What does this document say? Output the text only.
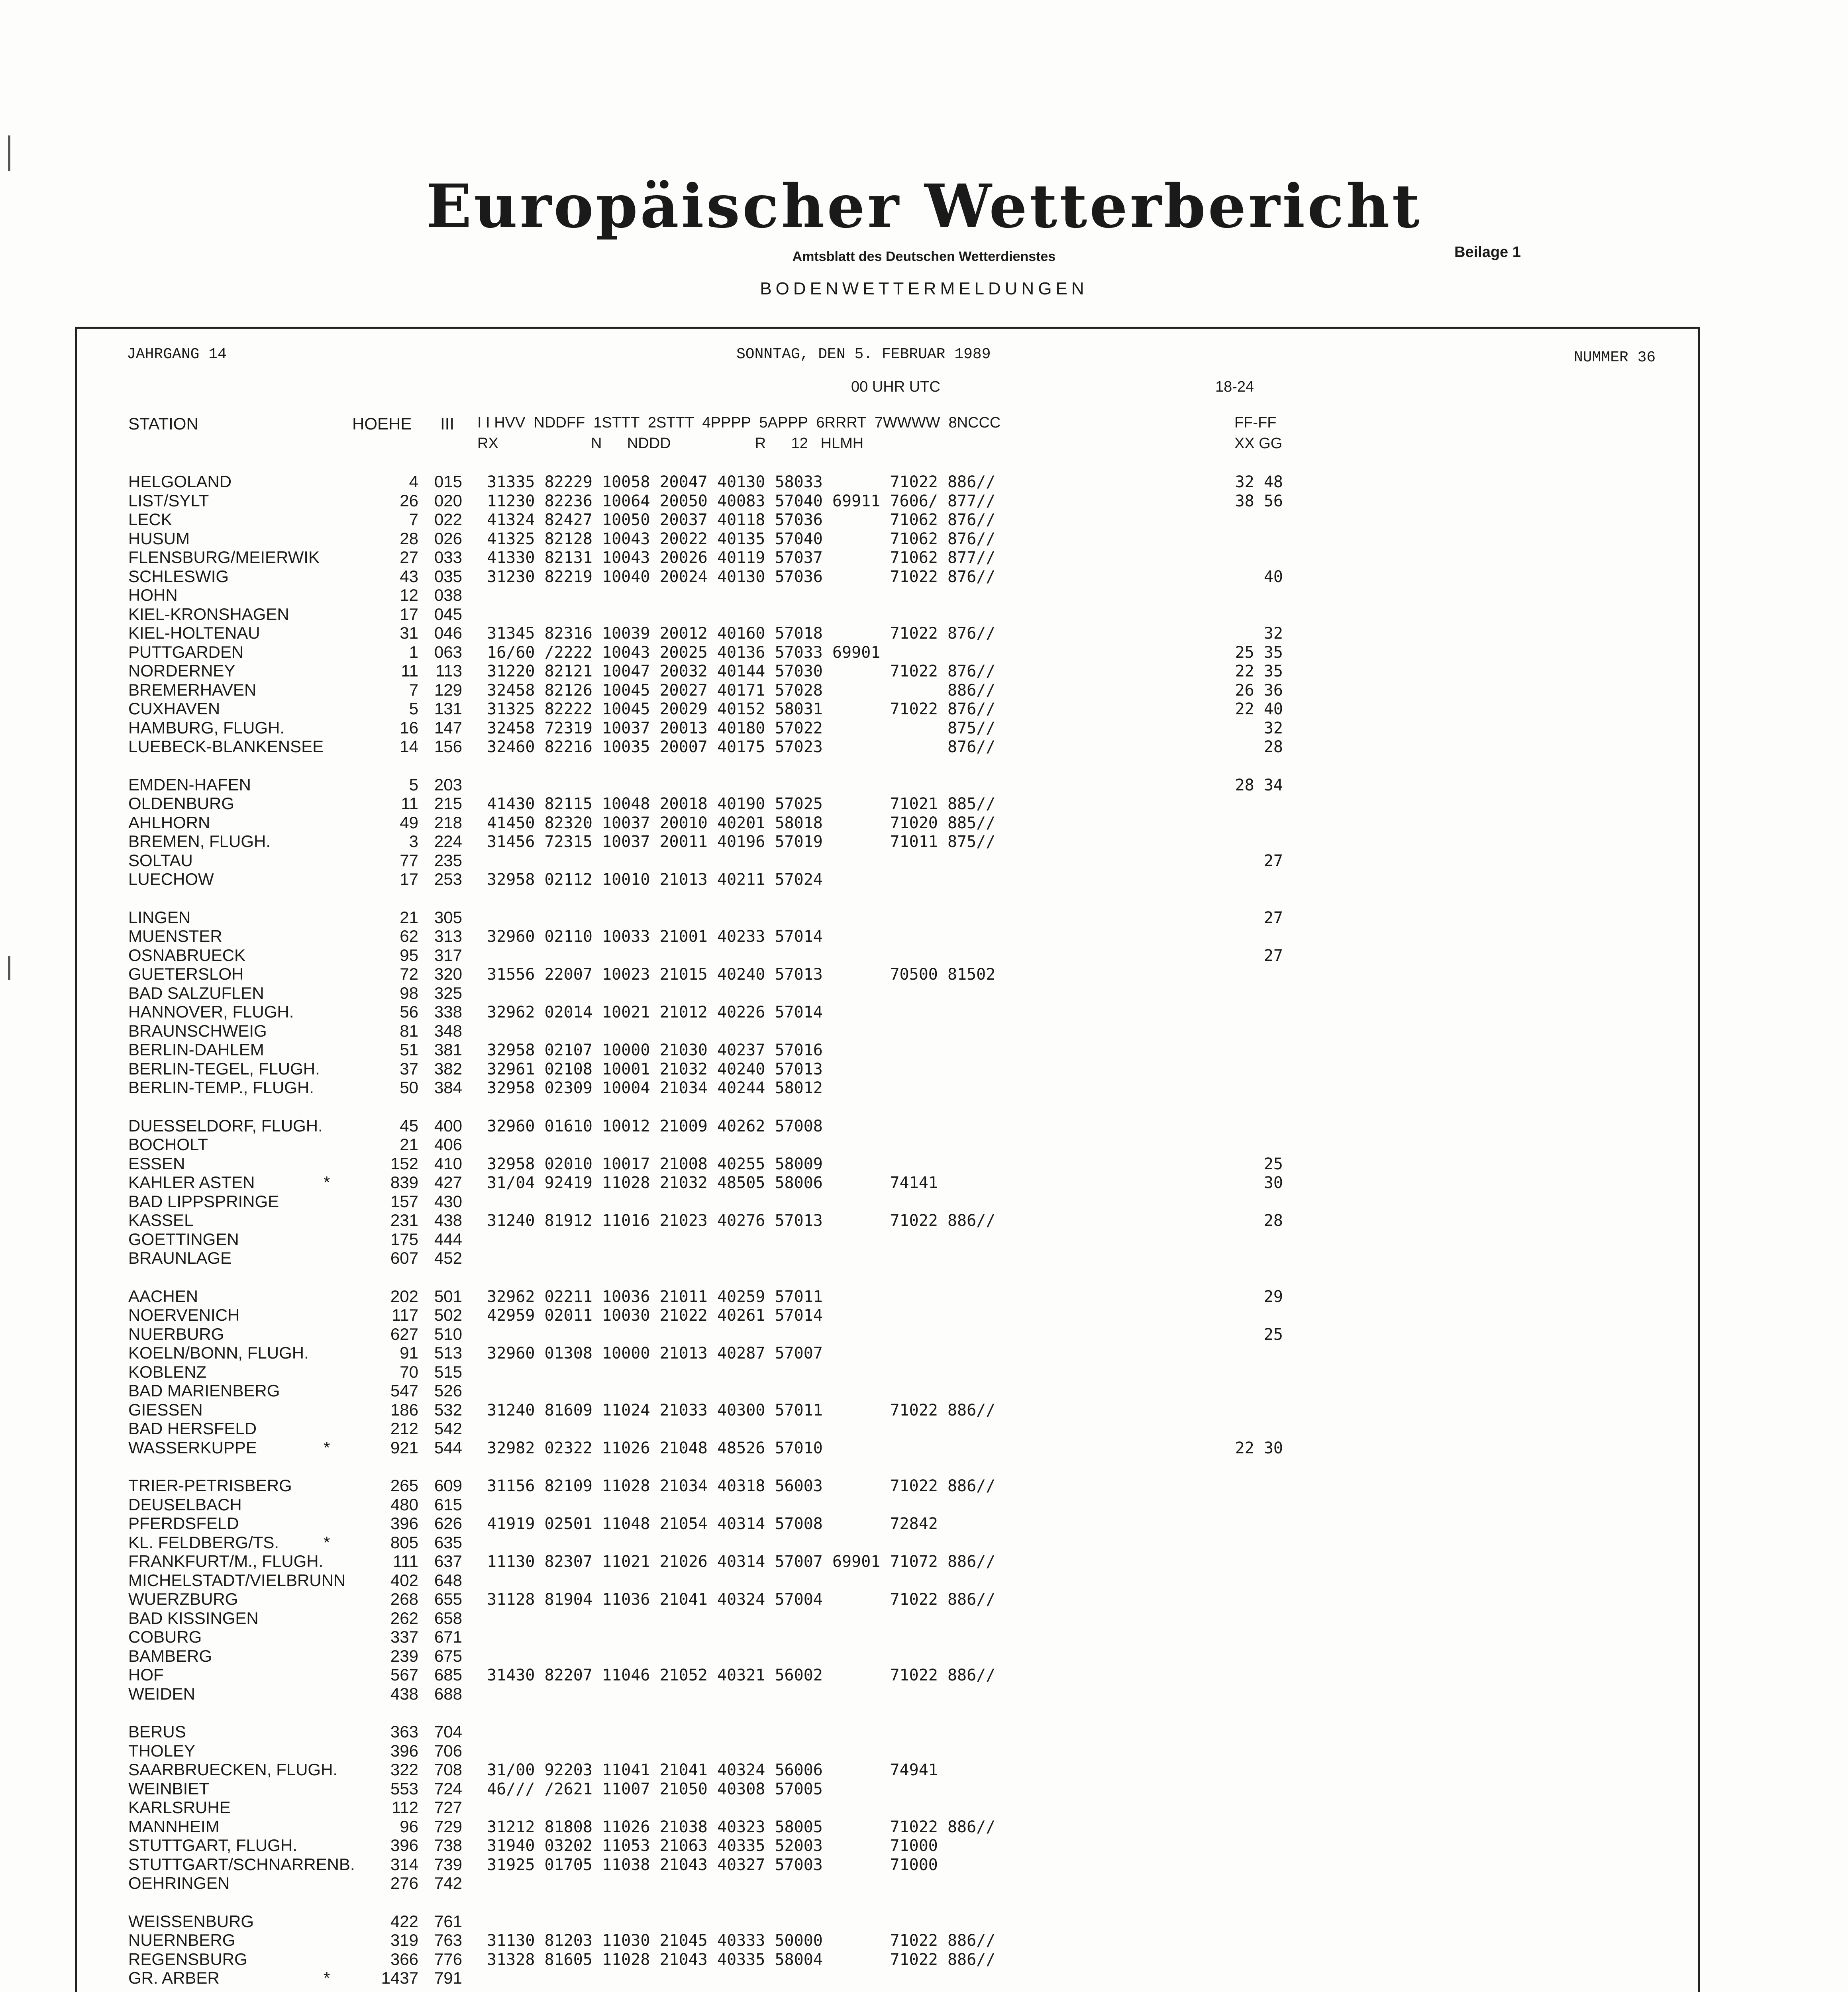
Europäischer Wetterbericht
Amtsblatt des Deutschen Wetterdienstes	Beilage 1
BODENWETTERMELDUNGEN
JAHRGANG 14	SONNTAG, DEN 5. FEBRUAR 1989	NUMMER 36
00 UHR UTC	18-24
STATION	HOEHE III I I HVV  NDDFF  1STTT  2STTT  4PPPP  5APPP  6RRRT  7WWWW  8NCCC
RX                      N      NDDD                    R      12   HLMH
FF-FF
XX GG
HELGOLAND	4 015 31335 82229 10058 20047 40130 58033       71022 886//	32 48
LIST/SYLT	26 020 11230 82236 10064 20050 40083 57040 69911 7606/ 877//	38 56
LECK	7 022 41324 82427 10050 20037 40118 57036       71062 876//
HUSUM	28 026 41325 82128 10043 20022 40135 57040       71062 876//
FLENSBURG/MEIERWIK	27 033 41330 82131 10043 20026 40119 57037       71062 877//
SCHLESWIG	43 035 31230 82219 10040 20024 40130 57036       71022 876//	40
HOHN	12 038
KIEL-KRONSHAGEN	17 045
KIEL-HOLTENAU	31 046 31345 82316 10039 20012 40160 57018       71022 876//	32
PUTTGARDEN	1 063 16/60 /2222 10043 20025 40136 57033 69901	25 35
NORDERNEY	11	113 31220 82121 10047 20032 40144 57030       71022 876//	22 35
BREMERHAVEN	7 129 32458 82126 10045 20027 40171 57028             886//	26 36
CUXHAVEN	5 131 31325 82222 10045 20029 40152 58031       71022 876//	22 40
HAMBURG, FLUGH.	16 147 32458 72319 10037 20013 40180 57022             875//	32
LUEBECK-BLANKENSEE	14 156 32460 82216 10035 20007 40175 57023             876//	28
EMDEN-HAFEN	5 203	28 34
OLDENBURG	11 215 41430 82115 10048 20018 40190 57025       71021 885//
AHLHORN	49 218 41450 82320 10037 20010 40201 58018       71020 885//
BREMEN, FLUGH.	3 224 31456 72315 10037 20011 40196 57019       71011 875//
SOLTAU	77 235	27
LUECHOW	17 253 32958 02112 10010 21013 40211 57024
LINGEN	21 305	27
MUENSTER	62 313 32960 02110 10033 21001 40233 57014
OSNABRUECK	95 317	27
GUETERSLOH	72 320 31556 22007 10023 21015 40240 57013       70500 81502
BAD SALZUFLEN	98 325
HANNOVER, FLUGH.	56 338 32962 02014 10021 21012 40226 57014
BRAUNSCHWEIG	81 348
BERLIN-DAHLEM	51 381 32958 02107 10000 21030 40237 57016
BERLIN-TEGEL, FLUGH.	37 382 32961 02108 10001 21032 40240 57013
BERLIN-TEMP., FLUGH.	50 384 32958 02309 10004 21034 40244 58012
DUESSELDORF, FLUGH.	45 400 32960 01610 10012 21009 40262 57008
BOCHOLT	21 406
ESSEN	152 410 32958 02010 10017 21008 40255 58009	25
KAHLER ASTEN	*	839 427 31/04 92419 11028 21032 48505 58006       74141	30
BAD LIPPSPRINGE	157 430
KASSEL	231 438 31240 81912 11016 21023 40276 57013       71022 886//	28
GOETTINGEN	175 444
BRAUNLAGE	607 452
AACHEN	202 501 32962 02211 10036 21011 40259 57011	29
NOERVENICH	117 502 42959 02011 10030 21022 40261 57014
NUERBURG	627 510	25
KOELN/BONN, FLUGH.	91 513 32960 01308 10000 21013 40287 57007
KOBLENZ	70 515
BAD MARIENBERG	547 526
GIESSEN	186 532 31240 81609 11024 21033 40300 57011       71022 886//
BAD HERSFELD	212 542
WASSERKUPPE	*	921 544 32982 02322 11026 21048 48526 57010	22 30
TRIER-PETRISBERG	265 609 31156 82109 11028 21034 40318 56003       71022 886//
DEUSELBACH	480 615
PFERDSFELD	396 626 41919 02501 11048 21054 40314 57008       72842
KL. FELDBERG/TS.	*	805 635
FRANKFURT/M., FLUGH.	111 637 11130 82307 11021 21026 40314 57007 69901 71072 886//
MICHELSTADT/VIELBRUNN	402 648
WUERZBURG	268 655 31128 81904 11036 21041 40324 57004       71022 886//
BAD KISSINGEN	262 658
COBURG	337 671
BAMBERG	239 675
HOF	567 685 31430 82207 11046 21052 40321 56002       71022 886//
WEIDEN	438 688
BERUS	363 704
THOLEY	396 706
SAARBRUECKEN, FLUGH.	322 708 31/00 92203 11041 21041 40324 56006       74941
WEINBIET	553 724 46/// /2621 11007 21050 40308 57005
KARLSRUHE	112 727
MANNHEIM	96 729 31212 81808 11026 21038 40323 58005       71022 886//
STUTTGART, FLUGH.	396 738 31940 03202 11053 21063 40335 52003       71000
STUTTGART/SCHNARRENB.	314 739 31925 01705 11038 21043 40327 57003       71000
OEHRINGEN	276 742
WEISSENBURG	422 761
NUERNBERG	319 763 31130 81203 11030 21045 40333 50000       71022 886//
REGENSBURG	366 776 31328 81605 11028 21043 40335 58004       71022 886//
GR. ARBER	*	1437 791
